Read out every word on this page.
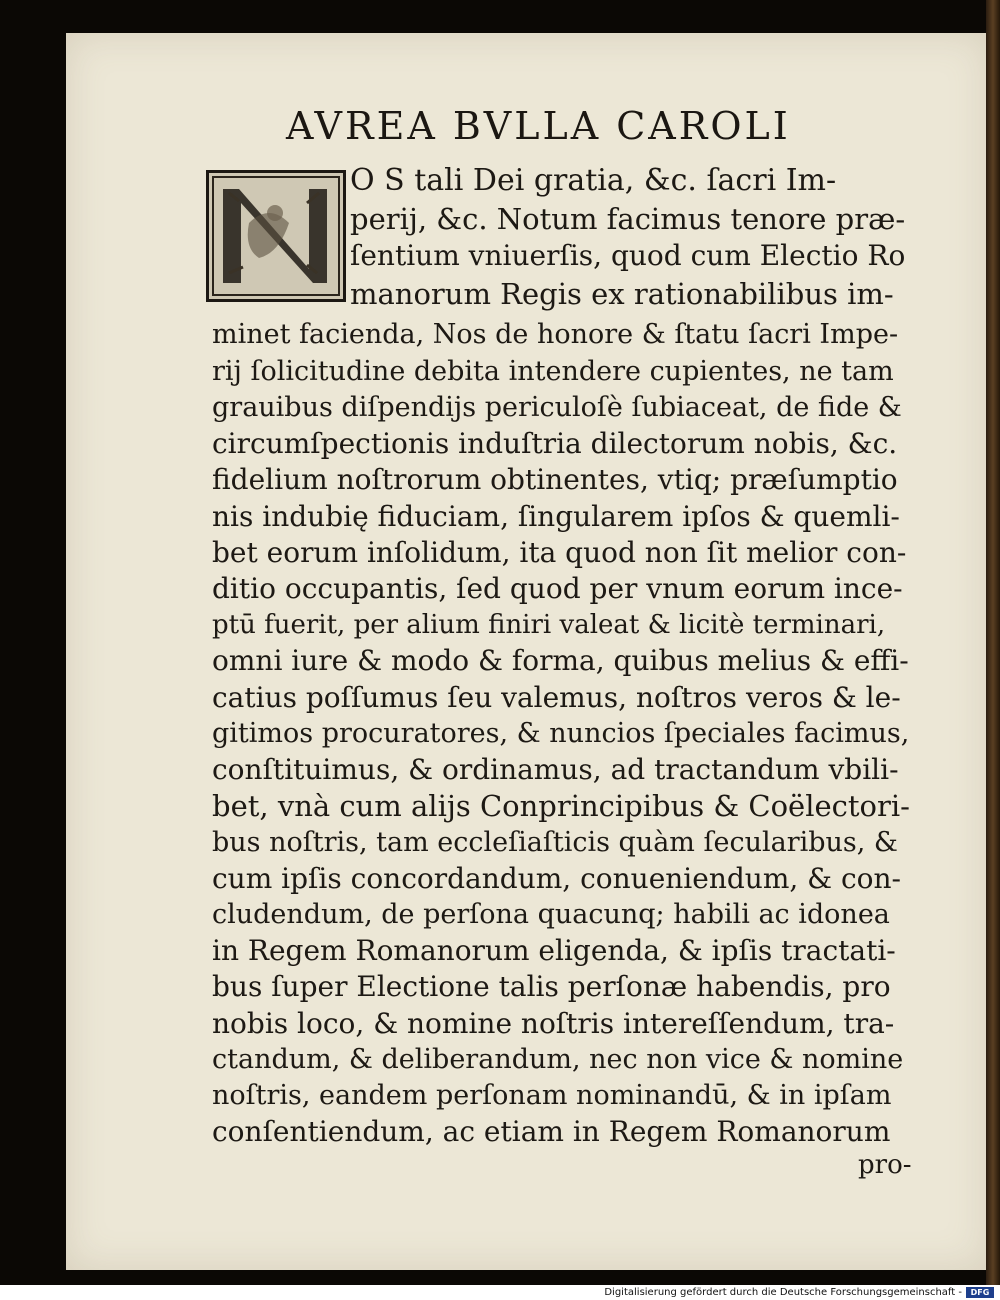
AVREA BVLLA CAROLI
O S tali Dei gratia, &c. ſacri Im-
perij, &c. Notum facimus tenore præ-
ſentium vniuerſis, quod cum Electio Ro
manorum Regis ex rationabilibus im-
minet facienda, Nos de honore & ſtatu ſacri Impe-
rij ſolicitudine debita intendere cupientes, ne tam
grauibus diſpendijs periculoſè ſubiaceat, de fide &
circumſpectionis induſtria dilectorum nobis, &c.
fidelium noſtrorum obtinentes, vtiq; præſumptio
nis indubię fiduciam, ſingularem ipſos & quemli-
bet eorum inſolidum, ita quod non ſit melior con-
ditio occupantis, ſed quod per vnum eorum ince-
ptū fuerit, per alium finiri valeat & licitè terminari,
omni iure & modo & forma, quibus melius & effi-
catius poſſumus ſeu valemus, noſtros veros & le-
gitimos procuratores, & nuncios ſpeciales facimus,
conſtituimus, & ordinamus, ad tractandum vbili-
bet, vnà cum alijs Conprincipibus & Coëlectori-
bus noſtris, tam eccleſiaſticis quàm ſecularibus, &
cum ipſis concordandum, conueniendum, & con-
cludendum, de perſona quacunq; habili ac idonea
in Regem Romanorum eligenda, & ipſis tractati-
bus ſuper Electione talis perſonæ habendis, pro
nobis loco, & nomine noſtris intereſſendum, tra-
ctandum, & deliberandum, nec non vice & nomine
noſtris, eandem perſonam nominandū, & in ipſam
conſentiendum, ac etiam in Regem Romanorum
pro-
Digitalisierung gefördert durch die Deutsche Forschungsgemeinschaft -	DFG
